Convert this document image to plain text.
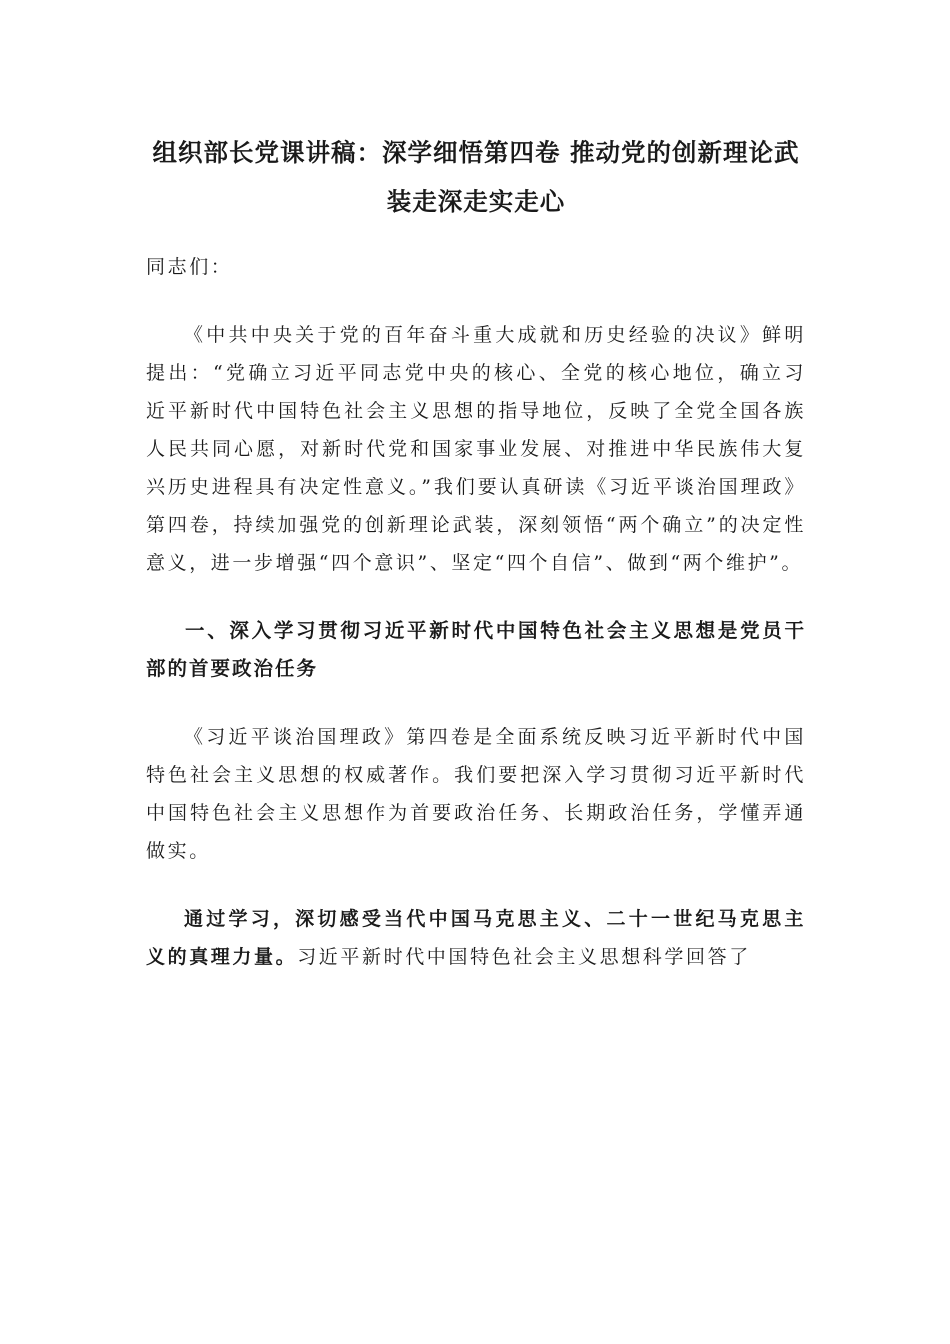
组织部长党课讲稿：深学细悟第四卷 推动党的创新理论武
装走深走实走心

同志们：

《中共中央关于党的百年奋斗重大成就和历史经验的决议》鲜明提出：“党确立习近平同志党中央的核心、全党的核心地位，确立习近平新时代中国特色社会主义思想的指导地位，反映了全党全国各族人民共同心愿，对新时代党和国家事业发展、对推进中华民族伟大复兴历史进程具有决定性意义。”我们要认真研读《习近平谈治国理政》第四卷，持续加强党的创新理论武装，深刻领悟“两个确立”的决定性意义，进一步增强“四个意识”、坚定“四个自信”、做到“两个维护”。

一、深入学习贯彻习近平新时代中国特色社会主义思想是党员干部的首要政治任务

《习近平谈治国理政》第四卷是全面系统反映习近平新时代中国特色社会主义思想的权威著作。我们要把深入学习贯彻习近平新时代中国特色社会主义思想作为首要政治任务、长期政治任务，学懂弄通做实。

通过学习，深切感受当代中国马克思主义、二十一世纪马克思主义的真理力量。习近平新时代中国特色社会主义思想科学回答了
